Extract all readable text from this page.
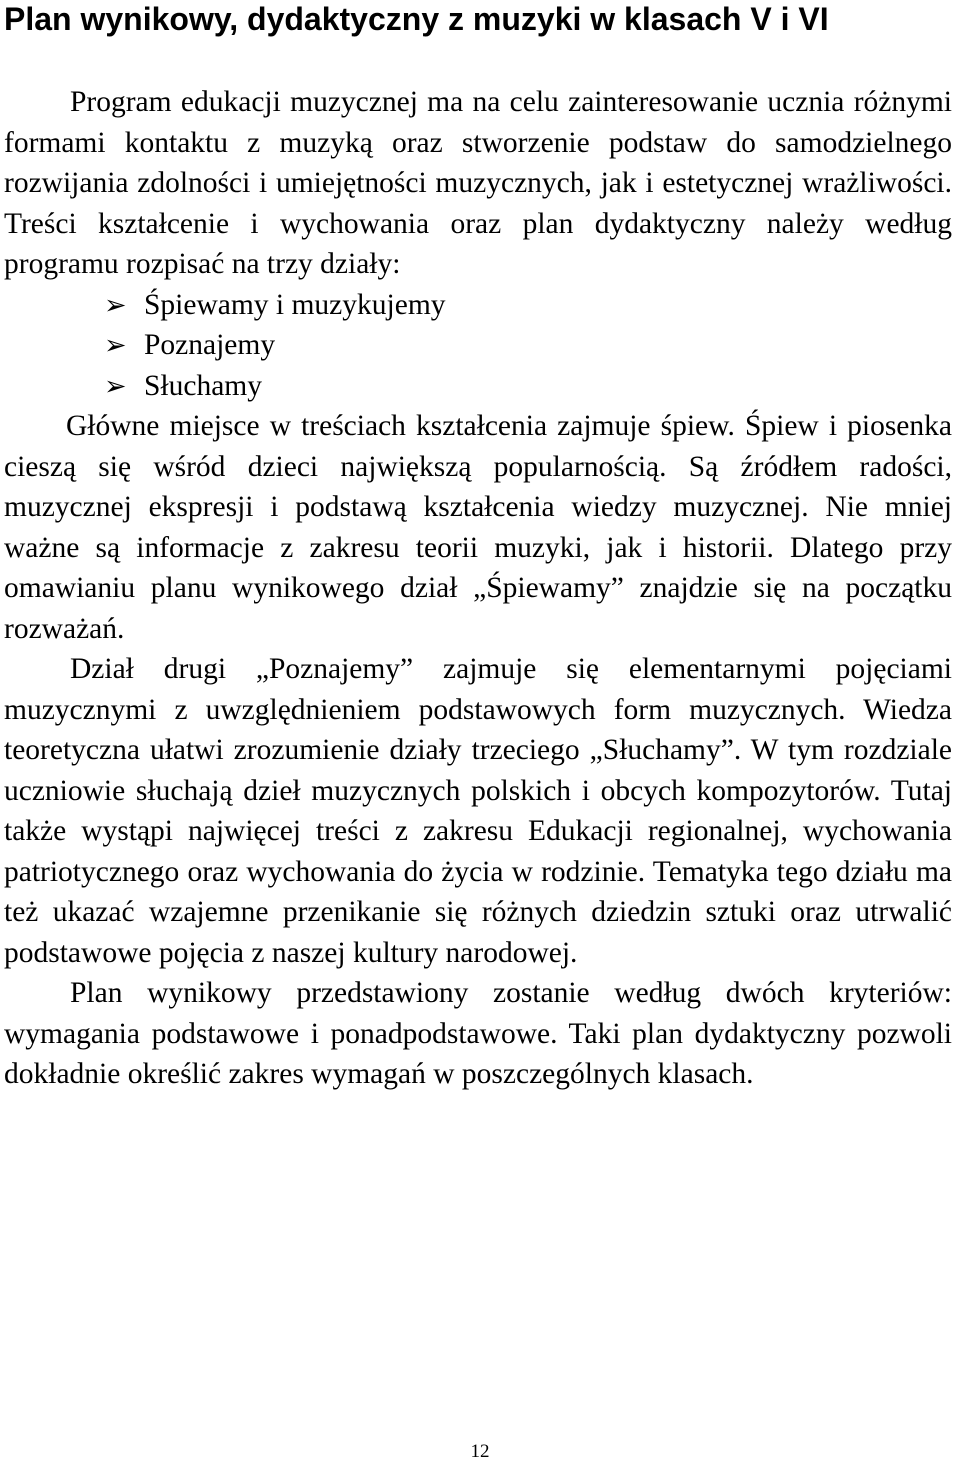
Plan wynikowy, dydaktyczny z muzyki w klasach V i VI

Program edukacji muzycznej ma na celu zainteresowanie ucznia różnymi formami kontaktu z muzyką oraz stworzenie podstaw do samodzielnego rozwijania zdolności i umiejętności muzycznych, jak i estetycznej wrażliwości. Treści kształcenie i wychowania oraz plan dydaktyczny należy według programu rozpisać na trzy działy:

➢ Śpiewamy i muzykujemy
➢ Poznajemy
➢ Słuchamy

Główne miejsce w treściach kształcenia zajmuje śpiew. Śpiew i piosenka cieszą się wśród dzieci największą popularnością. Są źródłem radości, muzycznej ekspresji i podstawą kształcenia wiedzy muzycznej. Nie mniej ważne są informacje z zakresu teorii muzyki, jak i historii. Dlatego przy omawianiu planu wynikowego dział „Śpiewamy” znajdzie się na początku rozważań.

Dział drugi „Poznajemy” zajmuje się elementarnymi pojęciami muzycznymi z uwzględnieniem podstawowych form muzycznych. Wiedza teoretyczna ułatwi zrozumienie działy trzeciego „Słuchamy”. W tym rozdziale uczniowie słuchają dzieł muzycznych polskich i obcych kompozytorów. Tutaj także wystąpi najwięcej treści z zakresu Edukacji regionalnej, wychowania patriotycznego oraz wychowania do życia w rodzinie. Tematyka tego działu ma też ukazać wzajemne przenikanie się różnych dziedzin sztuki oraz utrwalić podstawowe pojęcia z naszej kultury narodowej.

Plan wynikowy przedstawiony zostanie według dwóch kryteriów: wymagania podstawowe i ponadpodstawowe. Taki plan dydaktyczny pozwoli dokładnie określić zakres wymagań w poszczególnych klasach.

12
